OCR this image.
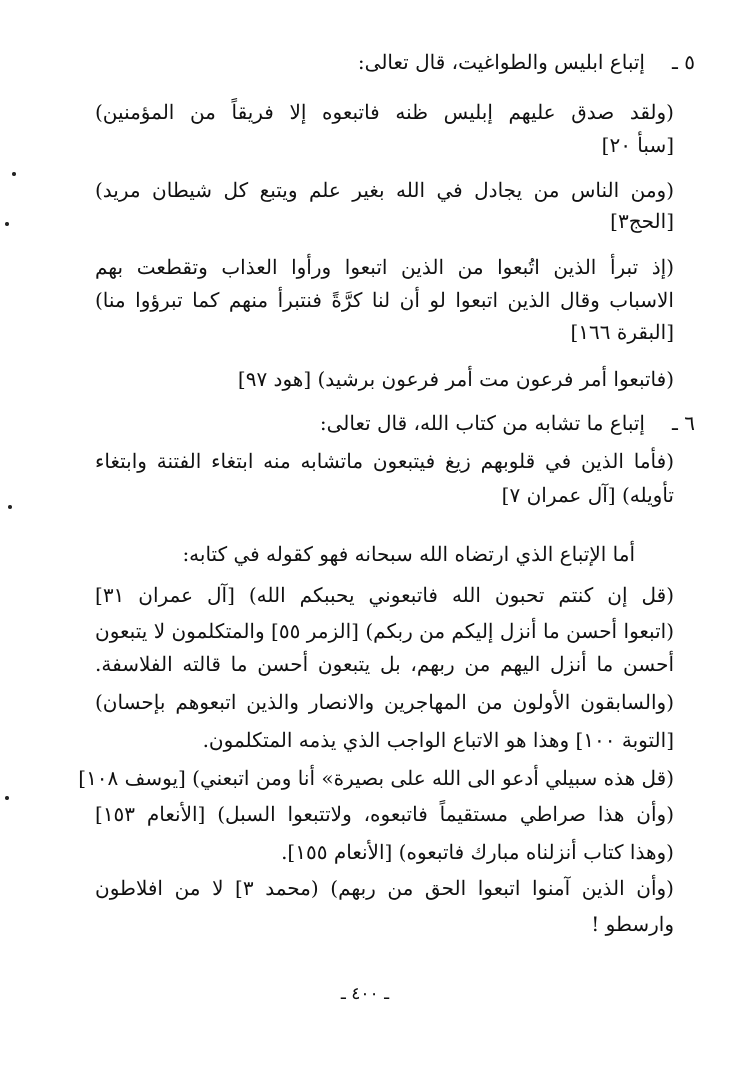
٥ ـ
إتباع ابليس والطواغيت، قال تعالى:
(ولقد صدق عليهم إبليس ظنه فاتبعوه إلا فريقاً من المؤمنين)
[سبأ ٢٠]
(ومن الناس من يجادل في الله بغير علم ويتبع كل شيطان مريد)
[الحج٣]
(إذ تبرأ الذين اتُبعوا من الذين اتبعوا ورأوا العذاب وتقطعت بهم
الاسباب وقال الذين اتبعوا لو أن لنا كرَّةً فنتبرأ منهم كما تبرؤوا منا)
[البقرة ١٦٦]
(فاتبعوا أمر فرعون مت أمر فرعون برشيد) [هود ٩٧]
٦ ـ
إتباع ما تشابه من كتاب الله، قال تعالى:
(فأما الذين في قلوبهم زيغ فيتبعون ماتشابه منه ابتغاء الفتنة وابتغاء
تأويله) [آل عمران ٧]
أما الإتباع الذي ارتضاه الله سبحانه فهو كقوله في كتابه:
(قل إن كنتم تحبون الله فاتبعوني يحببكم الله) [آل عمران ٣١]
(اتبعوا أحسن ما أنزل إليكم من ربكم) [الزمر ٥٥] والمتكلمون لا يتبعون
أحسن ما أنزل اليهم من ربهم، بل يتبعون أحسن ما قالته الفلاسفة.
(والسابقون الأولون من المهاجرين والانصار والذين اتبعوهم بإحسان)
[التوبة ١٠٠] وهذا هو الاتباع الواجب الذي يذمه المتكلمون.
(قل هذه سبيلي أدعو الى الله على بصيرة» أنا ومن اتبعني) [يوسف ١٠٨]
(وأن هذا صراطي مستقيماً فاتبعوه، ولاتتبعوا السبل) [الأنعام ١٥٣]
(وهذا كتاب أنزلناه مبارك فاتبعوه) [الأنعام ١٥٥].
(وأن الذين آمنوا اتبعوا الحق من ربهم) (محمد ٣] لا من افلاطون
وارسطو !
ـ ٤٠٠ ـ
